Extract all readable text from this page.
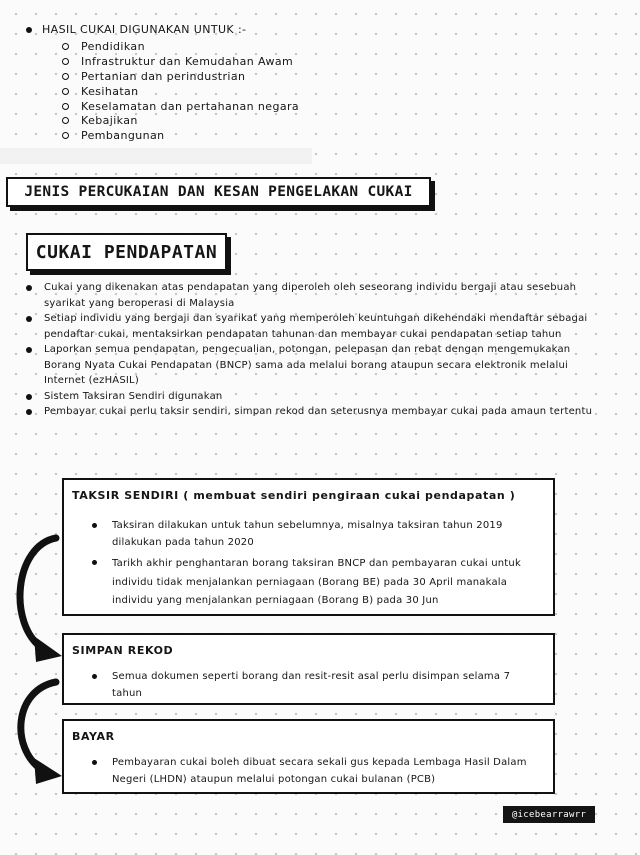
HASIL CUKAI DIGUNAKAN UNTUK :-
Pendidikan
Infrastruktur dan Kemudahan Awam
Pertanian dan perindustrian
Kesihatan
Keselamatan dan pertahanan negara
Kebajikan
Pembangunan
JENIS PERCUKAIAN DAN KESAN PENGELAKAN CUKAI
CUKAI PENDAPATAN
Cukai yang dikenakan atas pendapatan yang diperoleh oleh seseorang individu bergaji atau sesebuah syarikat yang beroperasi di Malaysia
Setiap individu yang bergaji dan syarikat yang memperoleh keuntungan dikehendaki mendaftar sebagai pendaftar cukai, mentaksirkan pendapatan tahunan dan membayar cukai pendapatan setiap tahun
Laporkan semua pendapatan, pengecualian, potongan, pelepasan dan rebat dengan mengemukakan Borang Nyata Cukai Pendapatan (BNCP) sama ada melalui borang ataupun secara elektronik melalui Internet (ezHASIL)
Sistem Taksiran Sendiri digunakan
Pembayar cukai perlu taksir sendiri, simpan rekod dan seterusnya membayar cukai pada amaun tertentu
TAKSIR SENDIRI ( membuat sendiri pengiraan cukai pendapatan )
Taksiran dilakukan untuk tahun sebelumnya, misalnya taksiran tahun 2019 dilakukan pada tahun 2020
Tarikh akhir penghantaran borang taksiran BNCP dan pembayaran cukai untuk individu tidak menjalankan perniagaan (Borang BE) pada 30 April manakala individu yang menjalankan perniagaan (Borang B) pada 30 Jun
SIMPAN REKOD
Semua dokumen seperti borang dan resit-resit asal perlu disimpan selama 7 tahun
BAYAR
Pembayaran cukai boleh dibuat secara sekali gus kepada Lembaga Hasil Dalam Negeri (LHDN) ataupun melalui potongan cukai bulanan (PCB)
@icebearrawrr
